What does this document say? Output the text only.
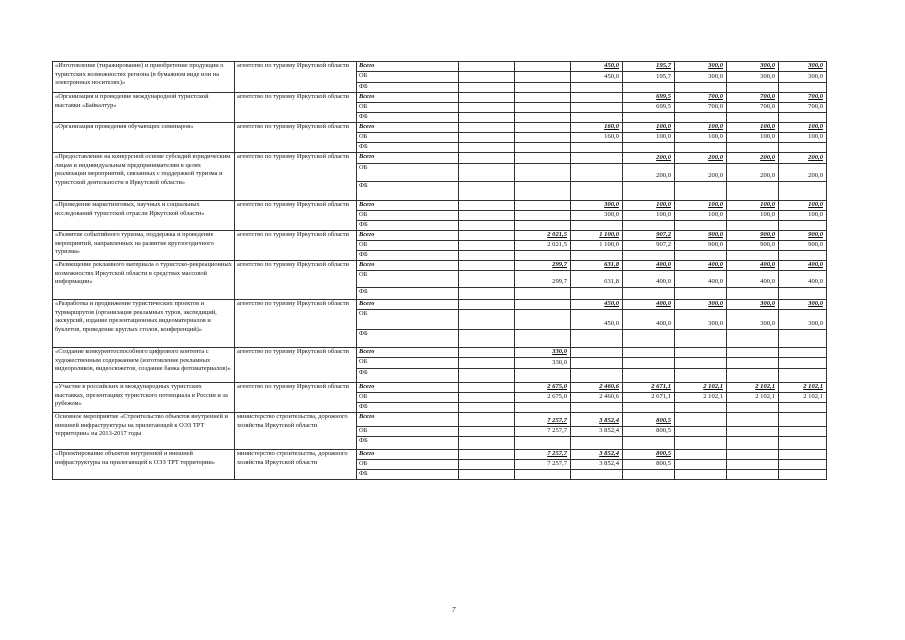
«Изготовление (тиражирование) и приобретение продукции о туристских возможностях региона (в бумажном виде или на электронных носителях)»	агентство по туризму Иркутской области	Всего			450,0	195,7	300,0	300,0	300,0
		ОБ			450,0	195,7	300,0	300,0	300,0
		ФБ							
«Организация и проведение международной туристской выставки «Байкалтур»	агентство по туризму Иркутской области	Всего				699,5	700,0	700,0	700,0
		ОБ				699,5	700,0	700,0	700,0
		ФБ							
«Организация проведения обучающих семинаров»	агентство по туризму Иркутской области	Всего			160,0	100,0	100,0	100,0	100,0
		ОБ			160,0	100,0	100,0	100,0	100,0
		ФБ							
«Предоставление на конкурсной основе субсидий юридическим лицам и индивидуальным предпринимателям в целях реализации мероприятий, связанных с поддержкой туризма и туристской деятельности в Иркутской области»	агентство по туризму Иркутской области	Всего				200,0	200,0	200,0	200,0
		ОБ				200,0	200,0	200,0	200,0
		ФБ							
«Проведение маркетинговых, научных и социальных исследований туристской отрасли Иркутской области»	агентство по туризму Иркутской области	Всего			300,0	100,0	100,0	100,0	100,0
		ОБ			300,0	100,0	100,0	100,0	100,0
		ФБ							
«Развитие событийного туризма, поддержка и проведение мероприятий, направленных на развитие круглогодичного туризма»	агентство по туризму Иркутской области	Всего		2 021,5	1 100,0	907,2	900,0	900,0	900,0
		ОБ		2 021,5	1 100,0	907,2	900,0	900,0	900,0
		ФБ							
«Размещение рекламного материала о туристско-рекреационных возможностях Иркутской области в средствах массовой информации»	агентство по туризму Иркутской области	Всего		299,7	631,8	400,0	400,0	400,0	400,0
		ОБ		299,7	631,8	400,0	400,0	400,0	400,0
		ФБ							
«Разработка и продвижение туристических проектов и турмаршрутов (организация рекламных туров, экспедиций, экскурсий, издание презентационных видеоматериалов и буклетов, проведение круглых столов, конференций)»	агентство по туризму Иркутской области	Всего			450,0	400,0	300,0	300,0	300,0
		ОБ			450,0	400,0	300,0	300,0	300,0
		ФБ							
«Создание конкурентоспособного цифрового контента с художественным содержанием (изготовление рекламных видеороликов, видеосюжетов, создание банка фотоматериалов)»	агентство по туризму Иркутской области	Всего		330,0					
		ОБ		330,0					
		ФБ							
«Участие в российских и международных туристских выставках, презентациях туристского потенциала в России и за рубежом»	агентство по туризму Иркутской области	Всего		2 675,0	2 460,6	2 671,1	2 102,1	2 102,1	2 102,1
		ОБ		2 675,0	2 460,6	2 671,1	2 102,1	2 102,1	2 102,1
		ФБ							
Основное мероприятие «Строительство объектов внутренней и внешней инфраструктуры на прилегающей к ОЭЗ ТРТ территории» на 2013-2017 годы	министерство строительства, дорожного хозяйства Иркутской области	Всего		7 257,7	3 852,4	800,5			
		ОБ		7 257,7	3 852,4	800,5			
		ФБ							
«Проектирование объектов внутренней и внешней инфраструктуры на прилегающей к ОЭЗ ТРТ территории»	министерство строительства, дорожного хозяйства Иркутской области	Всего		7 257,7	3 852,4	800,5			
		ОБ		7 257,7	3 852,4	800,5			
		ФБ							
7
